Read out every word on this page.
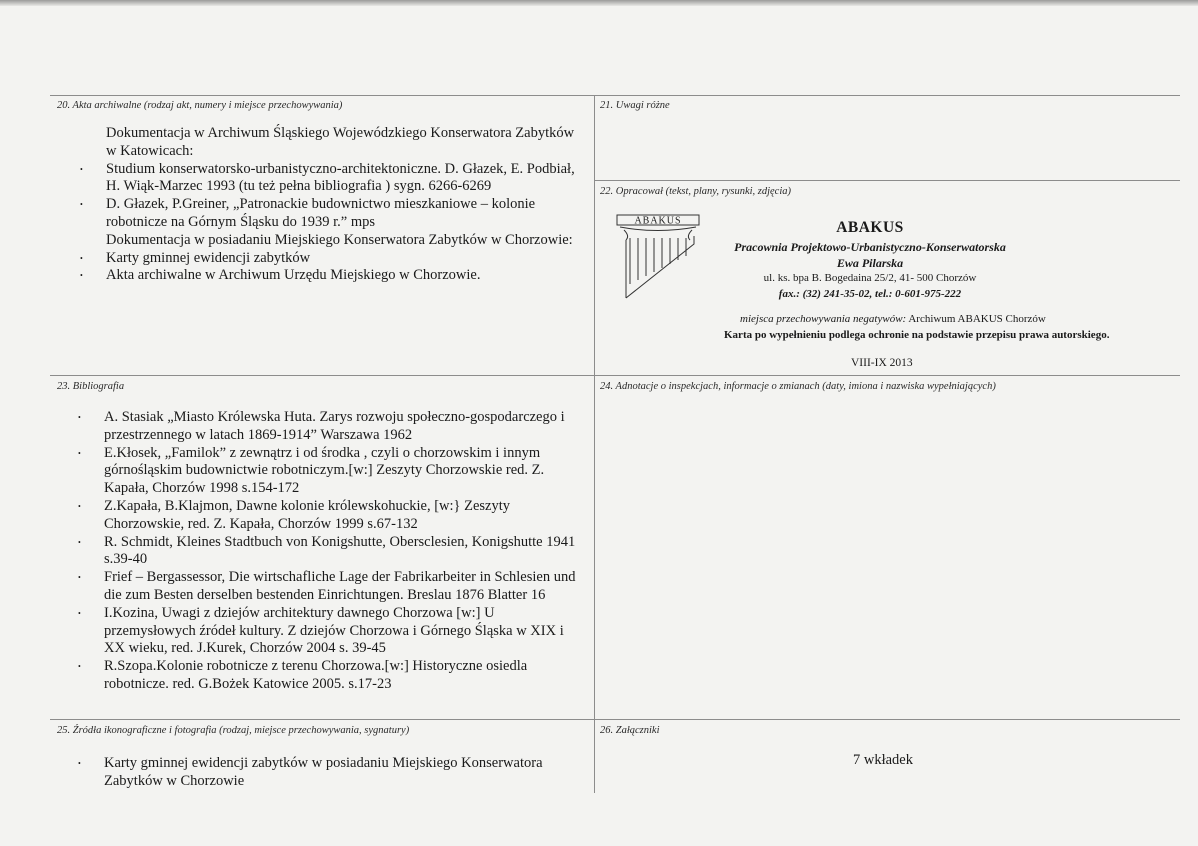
20. Akta archiwalne (rodzaj akt, numery i miejsce przechowywania)

Dokumentacja w Archiwum Śląskiego Wojewódzkiego Konserwatora Zabytków w Katowicach:

• Studium konserwatorsko-urbanistyczno-architektoniczne. D. Głazek, E. Podbiał, H. Wiąk-Marzec 1993 (tu też pełna bibliografia ) sygn. 6266-6269

• D. Głazek, P.Greiner, „Patronackie budownictwo mieszkaniowe – kolonie robotnicze na Górnym Śląsku do 1939 r.” mps

Dokumentacja w posiadaniu Miejskiego Konserwatora Zabytków w Chorzowie:

• Karty gminnej ewidencji zabytków

• Akta archiwalne w Archiwum Urzędu Miejskiego w Chorzowie.

21. Uwagi różne
22. Opracował (tekst, plany, rysunki, zdjęcia)
ABAKUS	ABAKUS
Pracownia Projektowo-Urbanistyczno-Konserwatorska
Ewa Pilarska
ul. ks. bpa B. Bogedaina 25/2, 41- 500 Chorzów
fax.: (32) 241-35-02, tel.: 0-601-975-222
miejsca przechowywania negatywów: Archiwum ABAKUS Chorzów
Karta po wypełnieniu podlega ochronie na podstawie przepisu prawa autorskiego.
VIII-IX 2013
23. Bibliografia

• A. Stasiak „Miasto Królewska Huta. Zarys rozwoju społeczno-gospodarczego i przestrzennego w latach 1869-1914” Warszawa 1962

• E.Kłosek, „Familok” z zewnątrz i od środka , czyli o chorzowskim i innym górnośląskim budownictwie robotniczym.[w:] Zeszyty Chorzowskie red. Z. Kapała, Chorzów 1998 s.154-172

• Z.Kapała, B.Klajmon, Dawne kolonie królewskohuckie, [w:} Zeszyty Chorzowskie, red. Z. Kapała, Chorzów 1999 s.67-132

• R. Schmidt, Kleines Stadtbuch von Konigshutte, Obersclesien, Konigshutte 1941 s.39-40

• Frief – Bergassessor, Die wirtschafliche Lage der Fabrikarbeiter in Schlesien und die zum Besten derselben bestenden Einrichtungen. Breslau 1876 Blatter 16

• I.Kozina, Uwagi z dziejów architektury dawnego Chorzowa [w:] U przemysłowych źródeł kultury. Z dziejów Chorzowa i Górnego Śląska w XIX i XX wieku, red. J.Kurek, Chorzów 2004 s. 39-45

• R.Szopa.Kolonie robotnicze z terenu Chorzowa.[w:] Historyczne osiedla robotnicze. red. G.Bożek Katowice 2005. s.17-23

24. Adnotacje o inspekcjach, informacje o zmianach (daty, imiona i nazwiska wypełniających)
25. Źródła ikonograficzne i fotografia (rodzaj, miejsce przechowywania, sygnatury)

• Karty gminnej ewidencji zabytków w posiadaniu Miejskiego Konserwatora Zabytków w Chorzowie

26. Załączniki
7 wkładek
